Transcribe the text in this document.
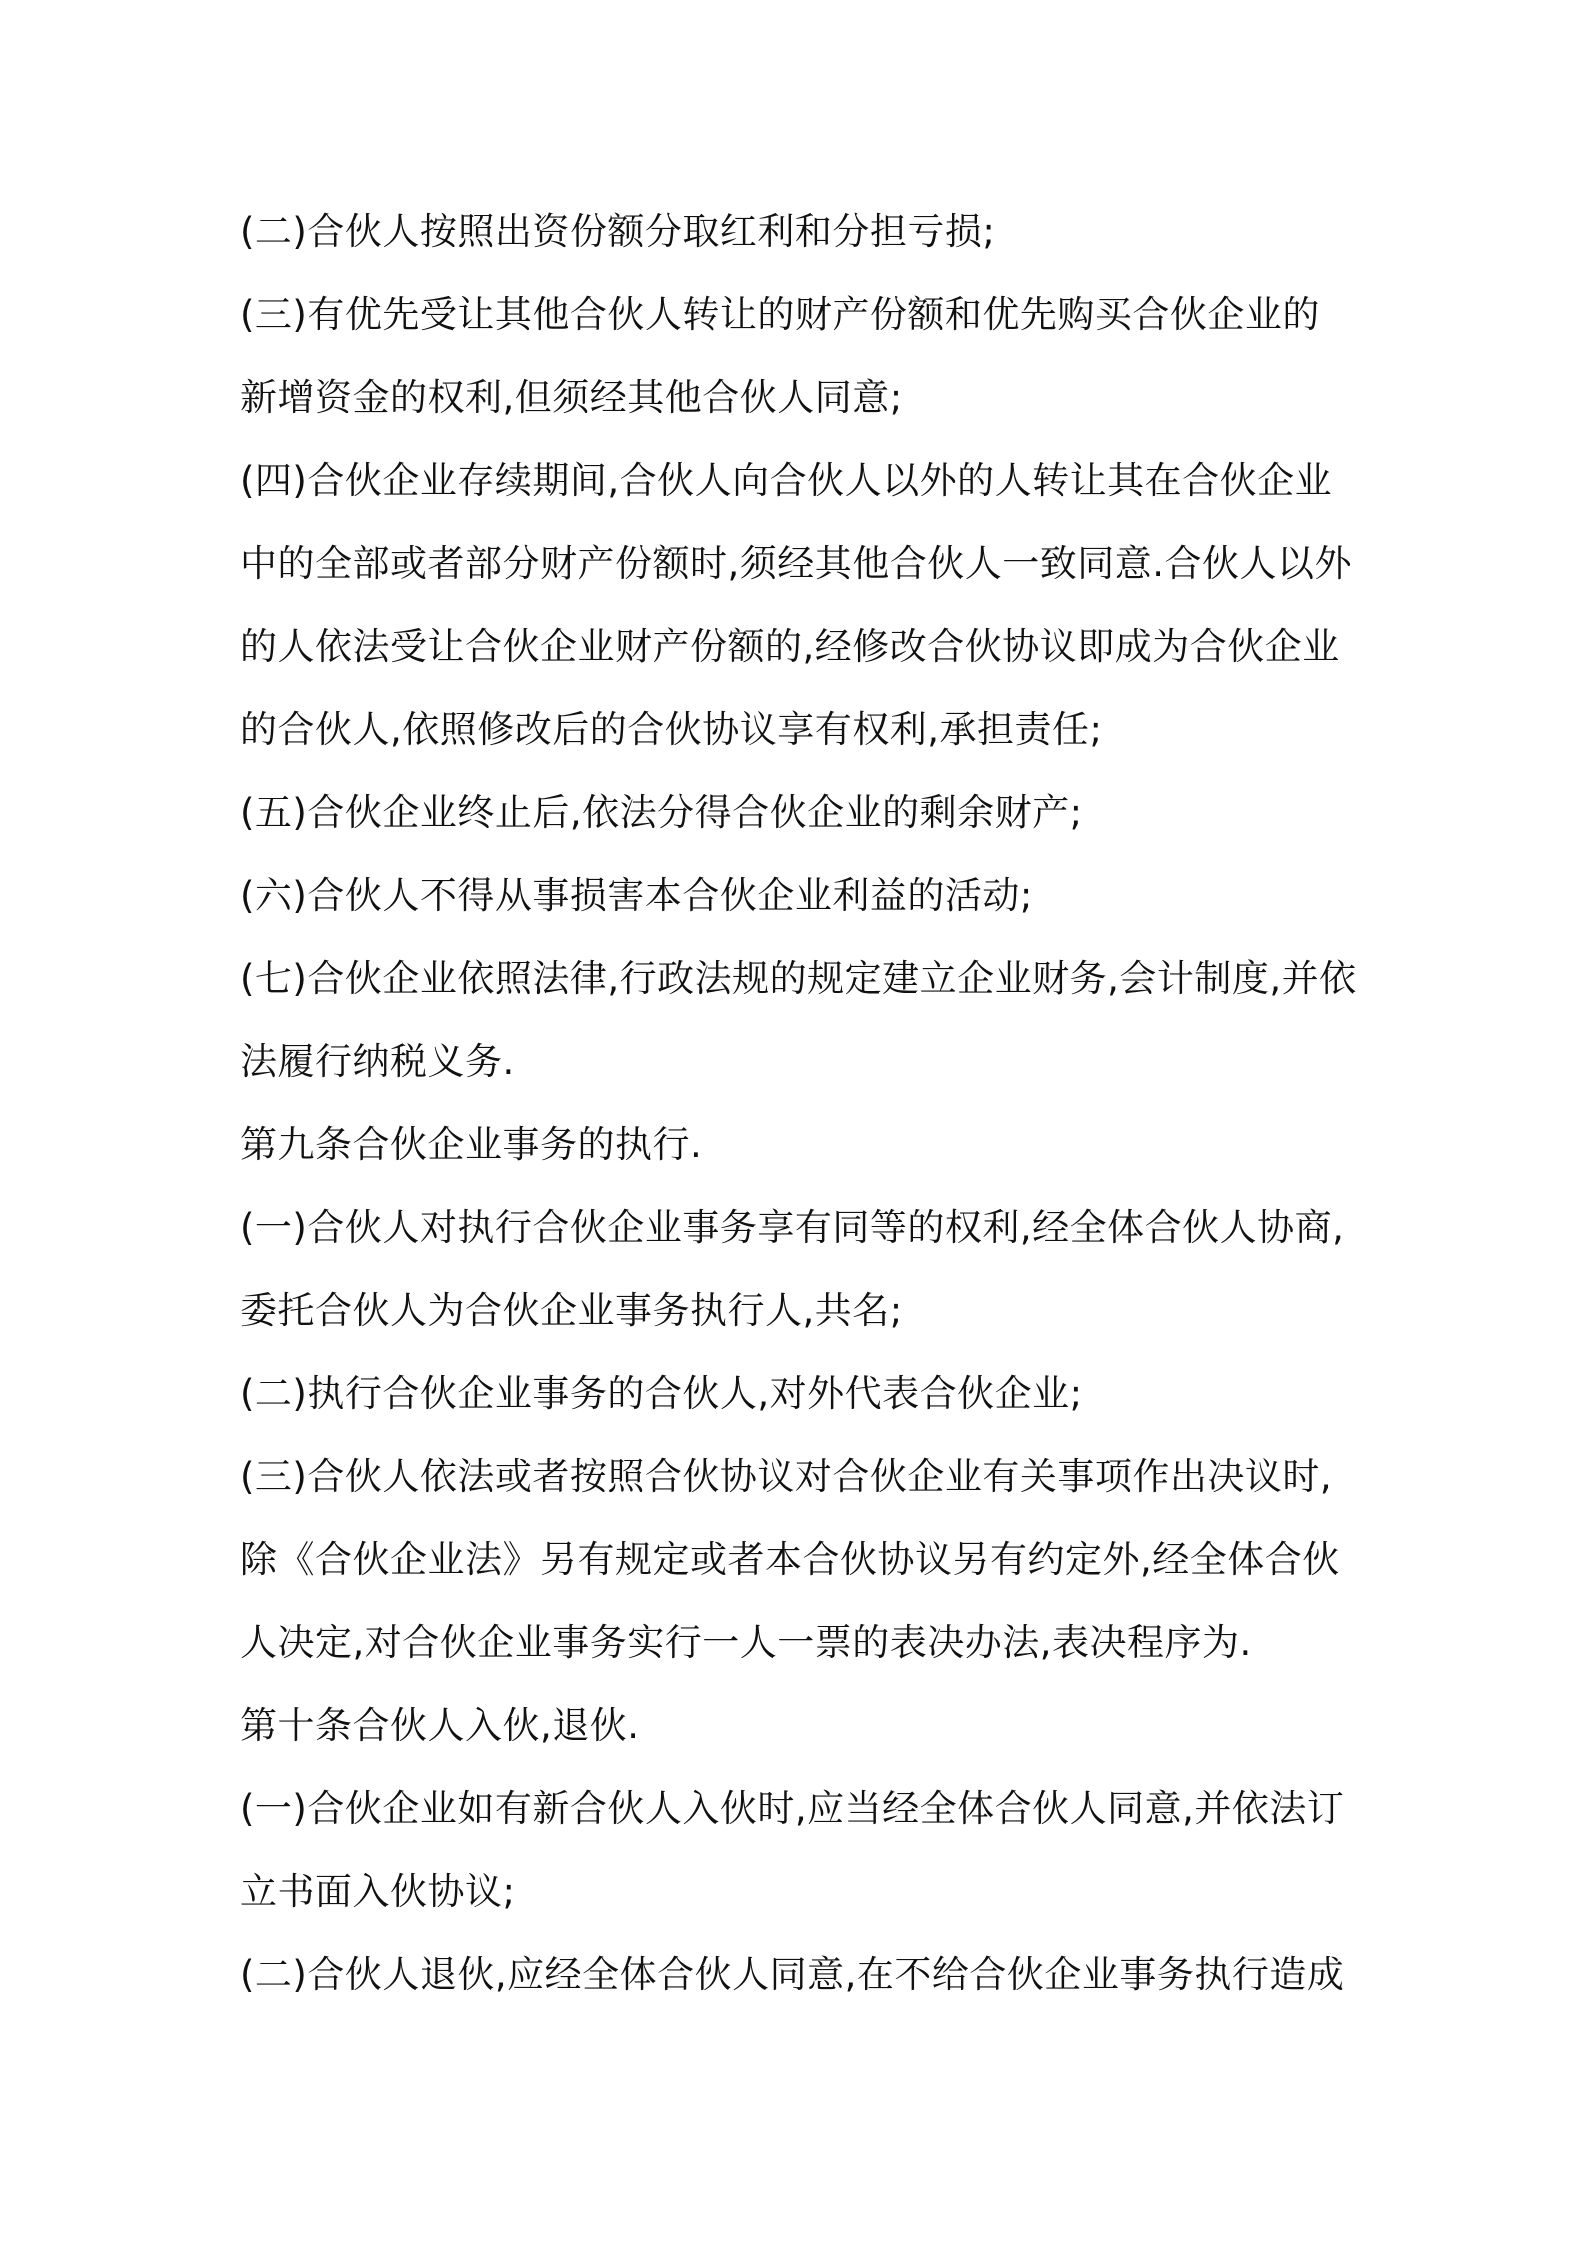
(二)合伙人按照出资份额分取红利和分担亏损;
(三)有优先受让其他合伙人转让的财产份额和优先购买合伙企业的
新增资金的权利,但须经其他合伙人同意;
(四)合伙企业存续期间,合伙人向合伙人以外的人转让其在合伙企业
中的全部或者部分财产份额时,须经其他合伙人一致同意.合伙人以外
的人依法受让合伙企业财产份额的,经修改合伙协议即成为合伙企业
的合伙人,依照修改后的合伙协议享有权利,承担责任;
(五)合伙企业终止后,依法分得合伙企业的剩余财产;
(六)合伙人不得从事损害本合伙企业利益的活动;
(七)合伙企业依照法律,行政法规的规定建立企业财务,会计制度,并依
法履行纳税义务.
第九条合伙企业事务的执行.
(一)合伙人对执行合伙企业事务享有同等的权利,经全体合伙人协商,
委托合伙人为合伙企业事务执行人,共名;
(二)执行合伙企业事务的合伙人,对外代表合伙企业;
(三)合伙人依法或者按照合伙协议对合伙企业有关事项作出决议时,
除《合伙企业法》另有规定或者本合伙协议另有约定外,经全体合伙
人决定,对合伙企业事务实行一人一票的表决办法,表决程序为.
第十条合伙人入伙,退伙.
(一)合伙企业如有新合伙人入伙时,应当经全体合伙人同意,并依法订
立书面入伙协议;
(二)合伙人退伙,应经全体合伙人同意,在不给合伙企业事务执行造成
